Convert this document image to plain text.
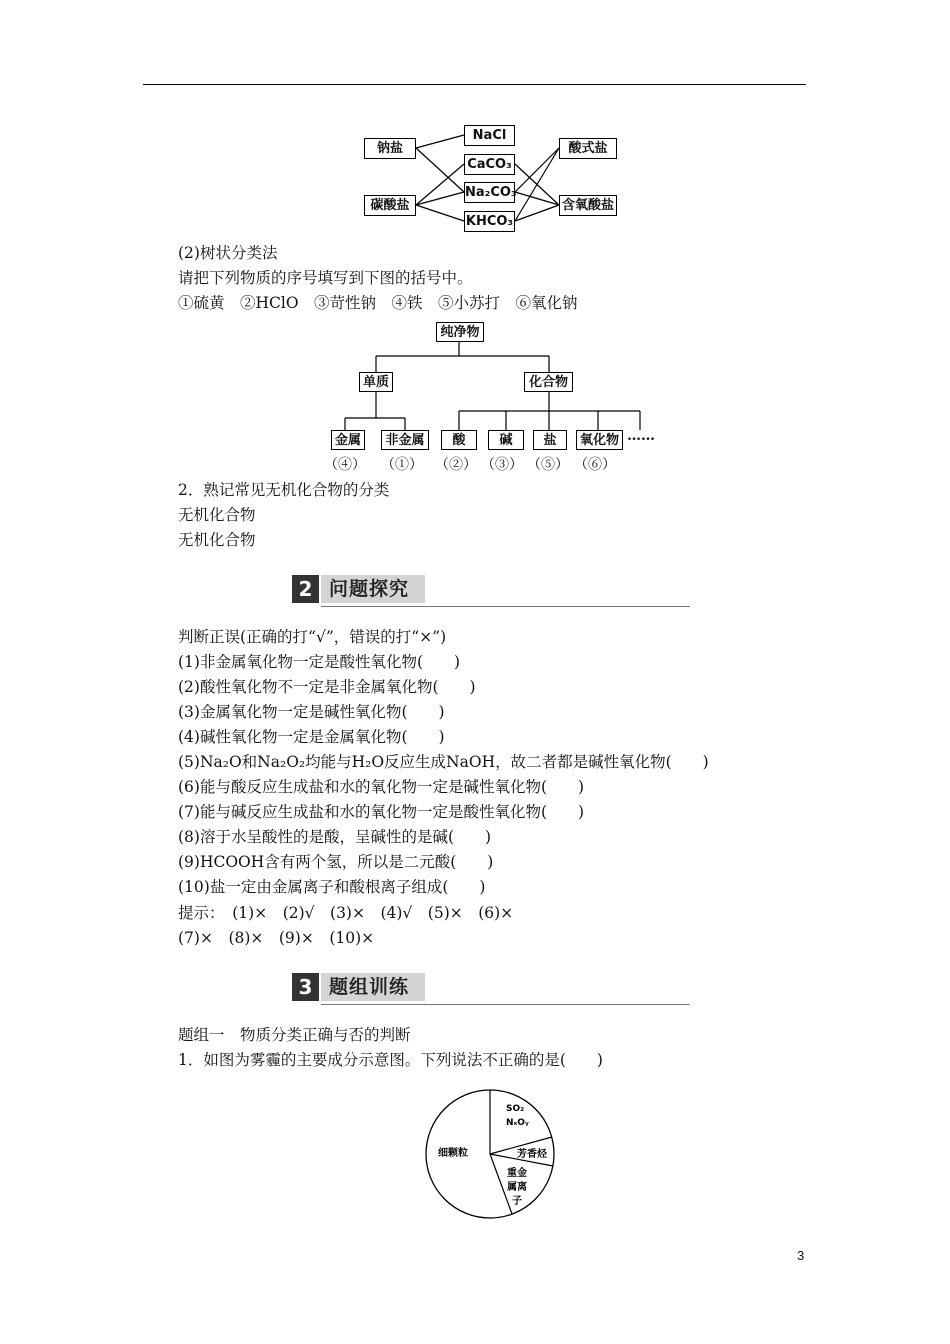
钠盐
碳酸盐
NaCl
CaCO₃
Na₂CO₃
KHCO₃
酸式盐
含氧酸盐
(2)树状分类法
请把下列物质的序号填写到下图的括号中。
①硫黄　②HClO　③苛性钠　④铁　⑤小苏打　⑥氧化钠
纯净物
单质	化合物
金属	非金属	酸	碱	盐	氧化物 ……
（④） （①） （②） （③） （⑤） （⑥）
2．熟记常见无机化合物的分类
无机化合物
无机化合物
2 问题探究
判断正误(正确的打“√”，错误的打“×”)
(1)非金属氧化物一定是酸性氧化物(　　)
(2)酸性氧化物不一定是非金属氧化物(　　)
(3)金属氧化物一定是碱性氧化物(　　)
(4)碱性氧化物一定是金属氧化物(　　)
(5)Na₂O和Na₂O₂均能与H₂O反应生成NaOH，故二者都是碱性氧化物(　　)
(6)能与酸反应生成盐和水的氧化物一定是碱性氧化物(　　)
(7)能与碱反应生成盐和水的氧化物一定是酸性氧化物(　　)
(8)溶于水呈酸性的是酸，呈碱性的是碱(　　)
(9)HCOOH含有两个氢，所以是二元酸(　　)
(10)盐一定由金属离子和酸根离子组成(　　)
提示：　(1)×　(2)√　(3)×　(4)√　(5)×　(6)×
(7)×　(8)×　(9)×　(10)×
3 题组训练
题组一　物质分类正确与否的判断
1．如图为雾霾的主要成分示意图。下列说法不正确的是(　　)
SO₂
NₓOᵧ
芳香烃
重金
属离
子
细颗粒
3
